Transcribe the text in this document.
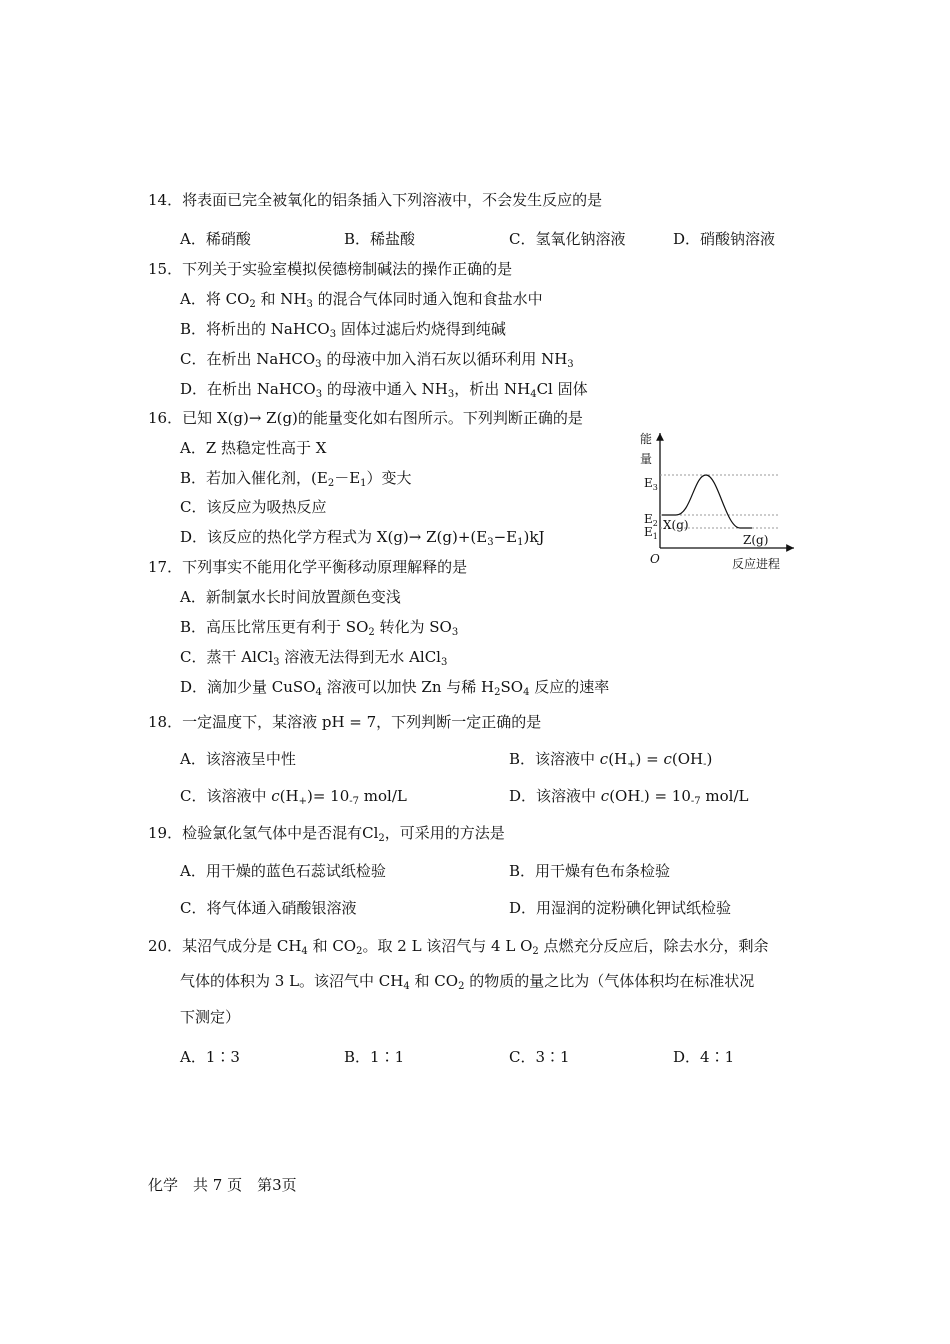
14．将表面已完全被氧化的铝条插入下列溶液中，不会发生反应的是
A．稀硝酸	B．稀盐酸	C．氢氧化钠溶液	D．硝酸钠溶液
15．下列关于实验室模拟侯德榜制碱法的操作正确的是
A．将 $CO_2$ 和 $NH_3$ 的混合气体同时通入饱和食盐水中
B．将析出的 NaHCO$_3$ 固体过滤后灼烧得到纯碱
C．在析出 NaHCO$_3$ 的母液中加入消石灰以循环利用 $NH_3$
D．在析出 NaHCO$_3$ 的母液中通入 $NH_3$，析出 $NH_4Cl$ 固体
16．已知 X(g)→ Z(g)的能量变化如右图所示。下列判断正确的是
A．Z 热稳定性高于 X
B．若加入催化剂，$(E_2-E_1)$变大
C．该反应为吸热反应
D．该反应的热化学方程式为 $X(g)\to Z(g)+(E_3-E_1)kJ$
能
量
$E_3$
$E_2$
$E_1$
X(g)
Z(g)
O	反应进程
17．下列事实不能用化学平衡移动原理解释的是
A．新制氯水长时间放置颜色变浅
B．高压比常压更有利于 $SO_2$ 转化为 $SO_3$
C．蒸干 AlCl$_3$ 溶液无法得到无水 AlCl$_3$
D．滴加少量 CuSO$_4$ 溶液可以加快 Zn 与稀 $H_2SO_4$ 反应的速率
18．一定温度下，某溶液 pH = 7，下列判断一定正确的是
A．该溶液呈中性	B．该溶液中 $c(H_+) = c(OH_-)$
C．该溶液中 $c(H_+)= 10_{-7}$ mol/L	D．该溶液中 $c(OH_-) = 10_{-7}$ mol/L
19．检验氯化氢气体中是否混有$Cl_2$，可采用的方法是
A．用干燥的蓝色石蕊试纸检验	B．用干燥有色布条检验
C．将气体通入硝酸银溶液	D．用湿润的淀粉碘化钾试纸检验
20．某沼气成分是 $CH_4$ 和 $CO_2$。取 2 L 该沼气与 4 L $O_2$ 点燃充分反应后，除去水分，剩余
气体的体积为 3 L。该沼气中 $CH_4$ 和 $CO_2$ 的物质的量之比为（气体体积均在标准状况
下测定）
A．1∶3	B．1∶1	C．3∶1	D．4∶1
化学　共 7 页　第3页
